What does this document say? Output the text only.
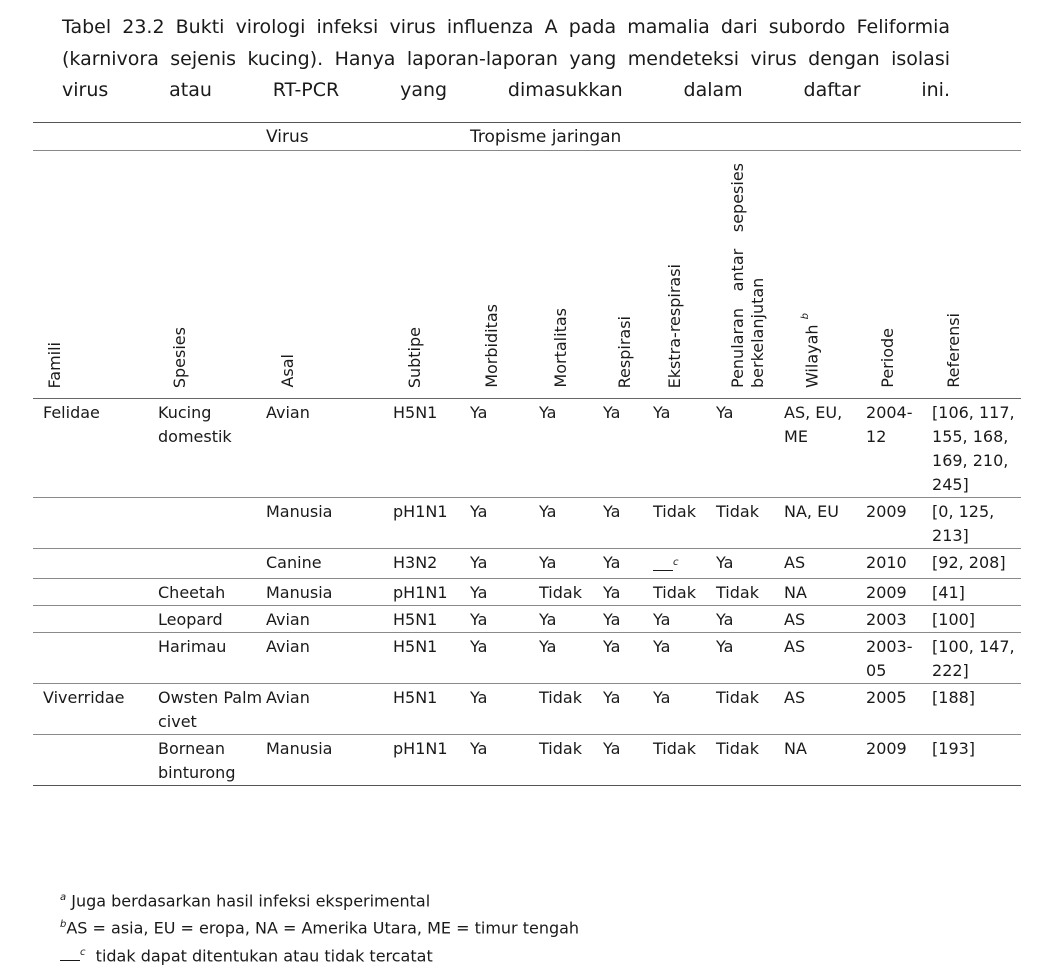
Tabel 23.2 Bukti virologi infeksi virus influenza A pada mamalia dari subordo Feliformia (karnivora sejenis kucing). Hanya laporan-laporan yang mendeteksi virus dengan isolasi virus atau RT-PCR yang dimasukkan dalam daftar ini.
		Virus		Tropisme jaringan							

Famili	Spesies	Asal	Subtipe	Morbiditas	Mortalitas	Respirasi	Ekstra-respirasi	Penularan antar sepesies berkelanjutan	Wilayah $^b$	Periode	Referensi

Felidae	Kucing domestik	Avian	H5N1	Ya	Ya	Ya	Ya	Ya	AS, EU, ME	2004-12	[106, 117, 155, 168, 169, 210, 245]
		Manusia	pH1N1	Ya	Ya	Ya	Tidak	Tidak	NA, EU	2009	[0, 125, 213]
		Canine	H3N2	Ya	Ya	Ya	$^c$	Ya	AS	2010	[92, 208]
	Cheetah	Manusia	pH1N1	Ya	Tidak	Ya	Tidak	Tidak	NA	2009	[41]
	Leopard	Avian	H5N1	Ya	Ya	Ya	Ya	Ya	AS	2003	[100]
	Harimau	Avian	H5N1	Ya	Ya	Ya	Ya	Ya	AS	2003-05	[100, 147, 222]
Viverridae	Owsten Palm civet	Avian	H5N1	Ya	Tidak	Ya	Ya	Tidak	AS	2005	[188]
	Bornean binturong	Manusia	pH1N1	Ya	Tidak	Ya	Tidak	Tidak	NA	2009	[193]
$^a$ Juga berdasarkan hasil infeksi eksperimental
$^b$AS = asia, EU = eropa, NA = Amerika Utara, ME = timur tengah
$^c$ tidak dapat ditentukan atau tidak tercatat
